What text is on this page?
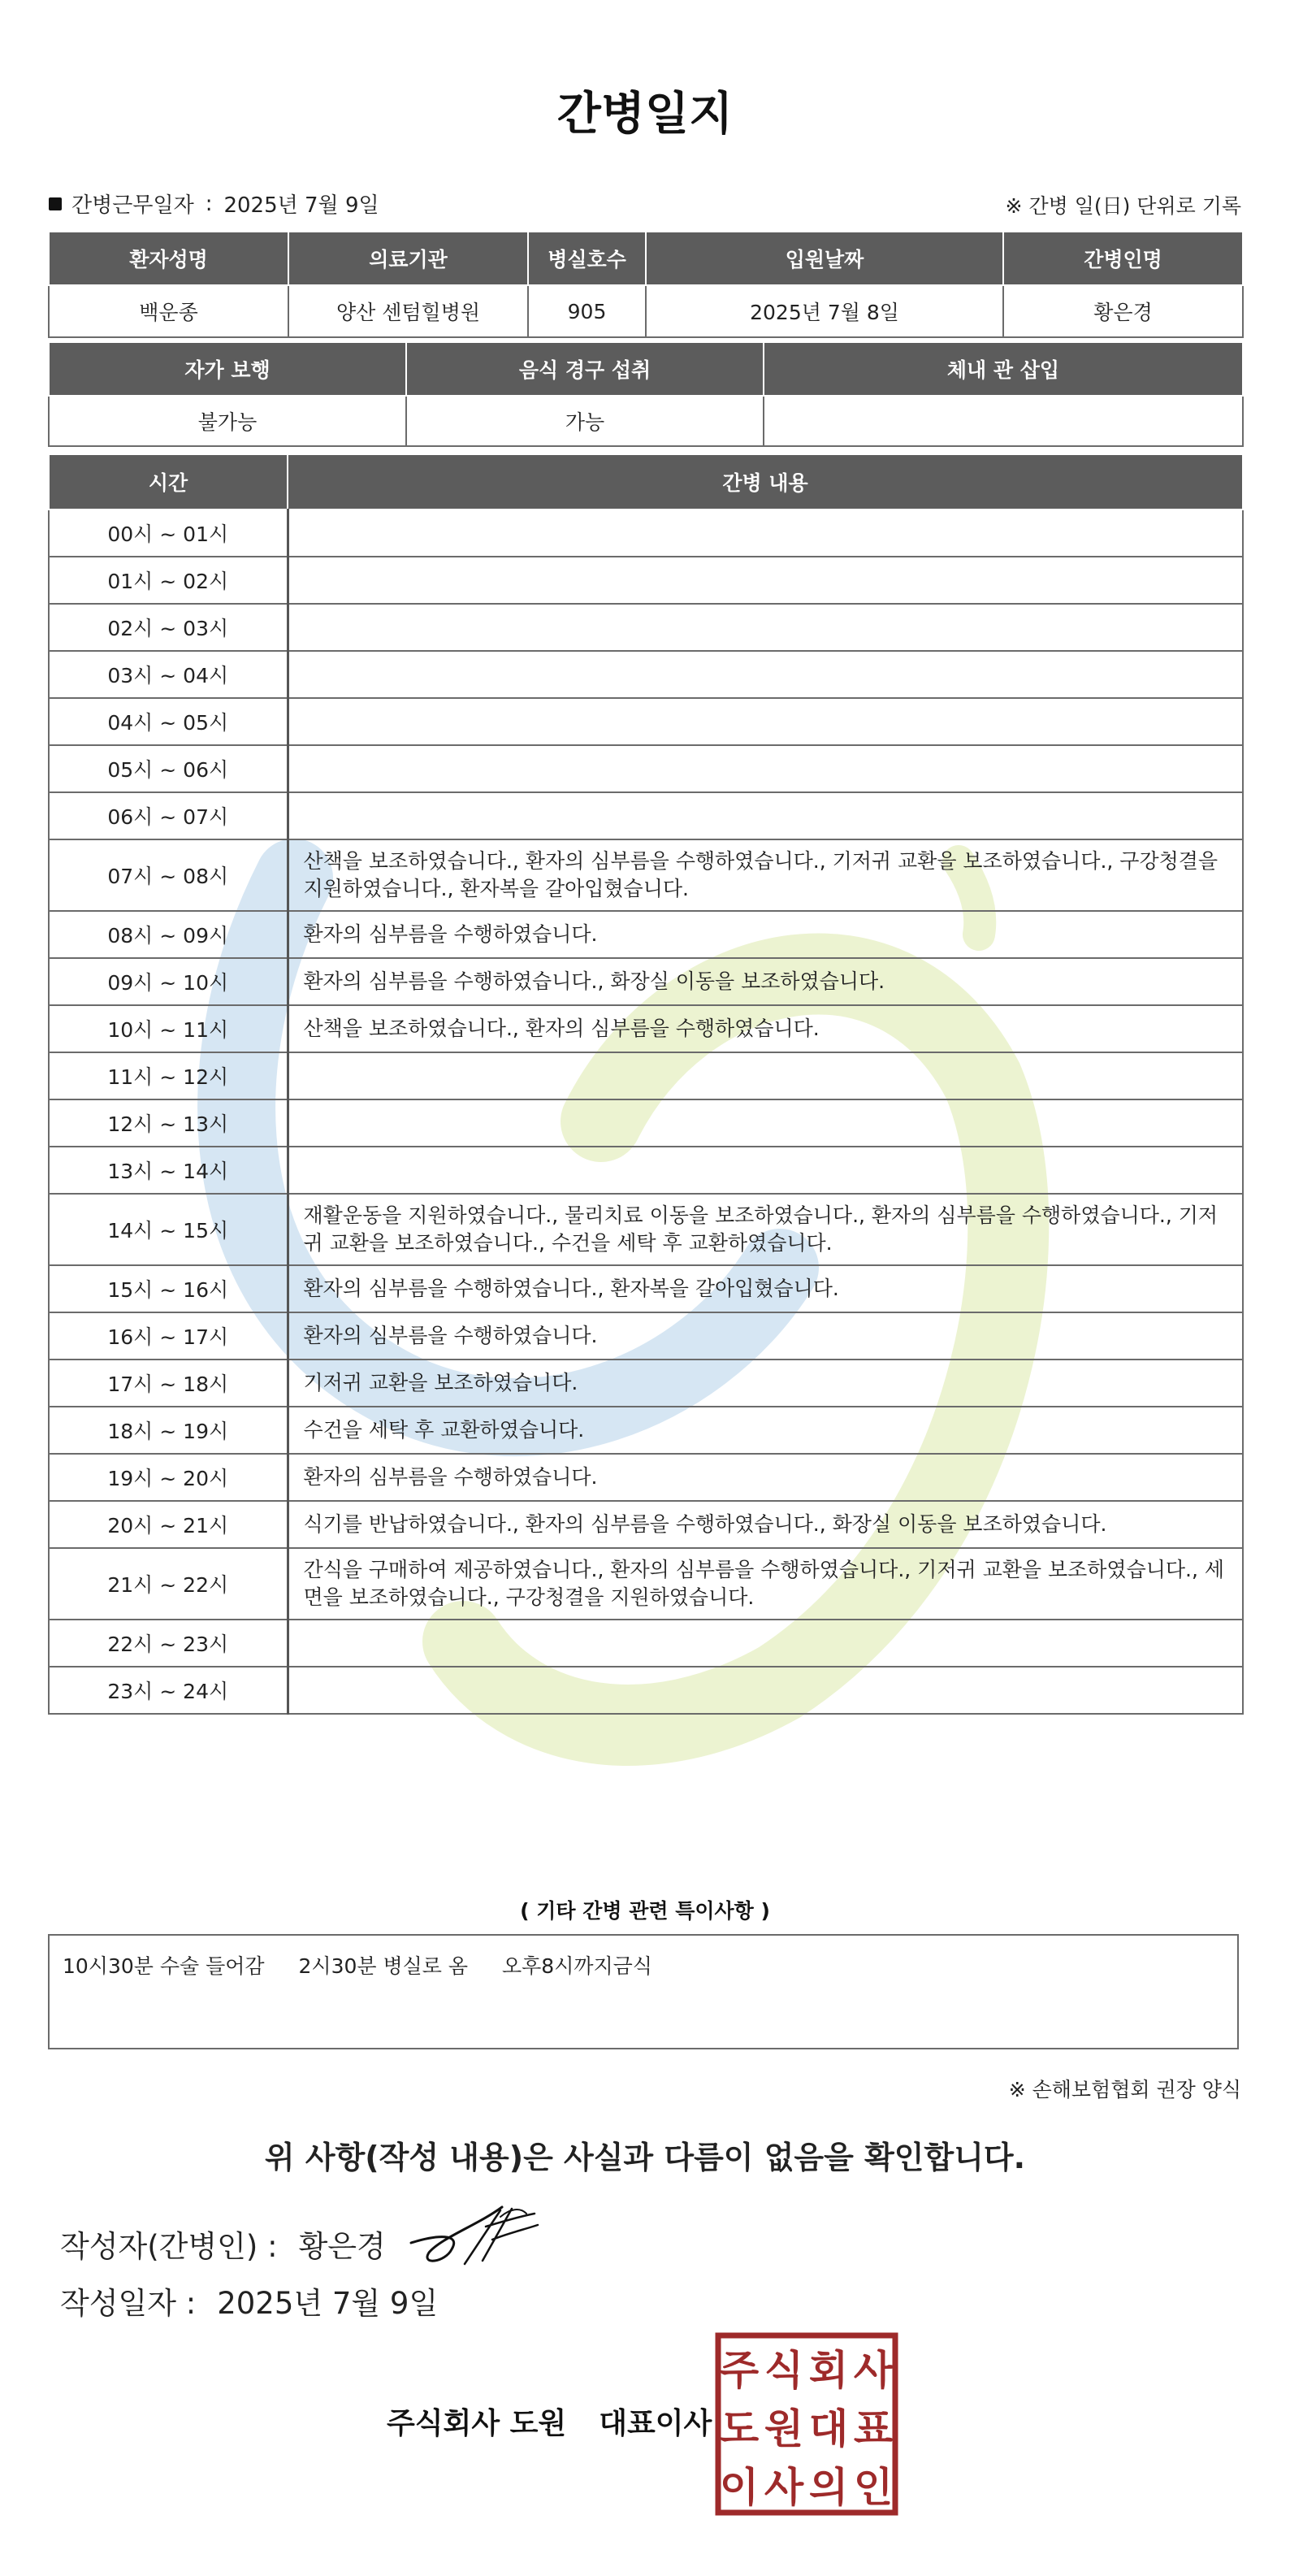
간병일지
간병근무일자 : 2025년 7월 9일	※ 간병 일(日) 단위로 기록
환자성명	의료기관	병실호수	입원날짜	간병인명
백운종	양산 센텀힐병원	905	2025년 7월 8일	황은경
자가 보행	음식 경구 섭취	체내 관 삽입
불가능	가능	
시간	간병 내용
00시 ~ 01시	
01시 ~ 02시	
02시 ~ 03시	
03시 ~ 04시	
04시 ~ 05시	
05시 ~ 06시	
06시 ~ 07시	
07시 ~ 08시	산책을 보조하였습니다., 환자의 심부름을 수행하였습니다., 기저귀 교환을 보조하였습니다., 구강청결을 지원하였습니다., 환자복을 갈아입혔습니다.
08시 ~ 09시	환자의 심부름을 수행하였습니다.
09시 ~ 10시	환자의 심부름을 수행하였습니다., 화장실 이동을 보조하였습니다.
10시 ~ 11시	산책을 보조하였습니다., 환자의 심부름을 수행하였습니다.
11시 ~ 12시	
12시 ~ 13시	
13시 ~ 14시	
14시 ~ 15시	재활운동을 지원하였습니다., 물리치료 이동을 보조하였습니다., 환자의 심부름을 수행하였습니다., 기저귀 교환을 보조하였습니다., 수건을 세탁 후 교환하였습니다.
15시 ~ 16시	환자의 심부름을 수행하였습니다., 환자복을 갈아입혔습니다.
16시 ~ 17시	환자의 심부름을 수행하였습니다.
17시 ~ 18시	기저귀 교환을 보조하였습니다.
18시 ~ 19시	수건을 세탁 후 교환하였습니다.
19시 ~ 20시	환자의 심부름을 수행하였습니다.
20시 ~ 21시	식기를 반납하였습니다., 환자의 심부름을 수행하였습니다., 화장실 이동을 보조하였습니다.
21시 ~ 22시	간식을 구매하여 제공하였습니다., 환자의 심부름을 수행하였습니다., 기저귀 교환을 보조하였습니다., 세면을 보조하였습니다., 구강청결을 지원하였습니다.
22시 ~ 23시	
23시 ~ 24시	
( 기타 간병 관련 특이사항 )
10시30분 수술 들어감 2시30분 병실로 옴 오후8시까지금식
※ 손해보험협회 권장 양식
위 사항(작성 내용)은 사실과 다름이 없음을 확인합니다.
작성자(간병인) : 황은경
작성일자 : 2025년 7월 9일
주식회사 도원 대표이사
주 식 회 사
도 원 대 표
이 사 의 인
